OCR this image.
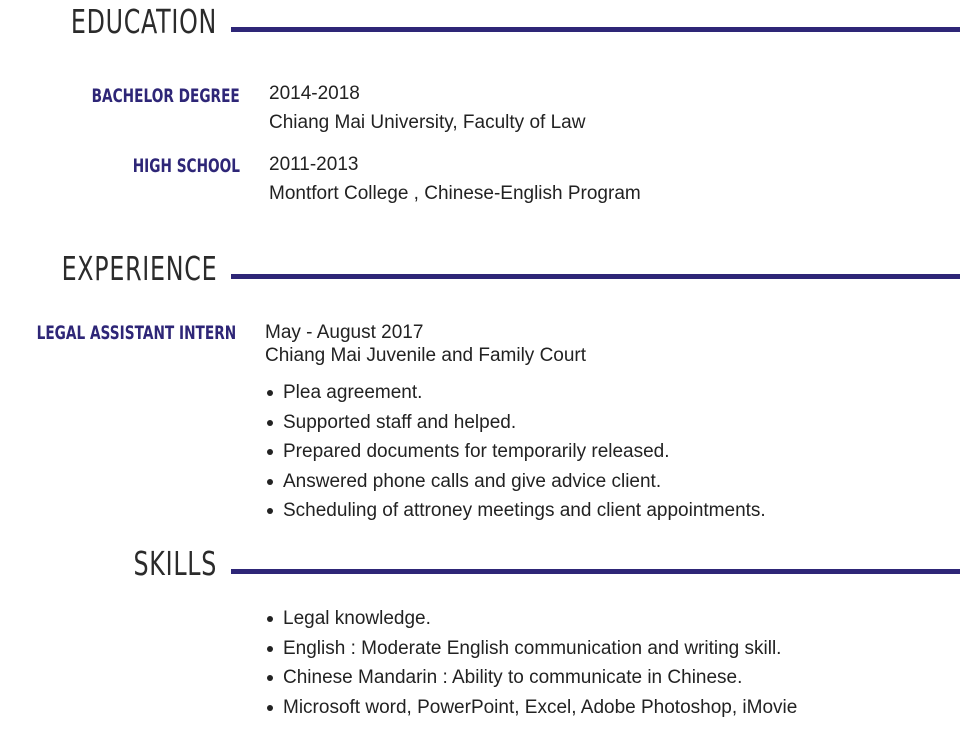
EDUCATION
BACHELOR DEGREE 2014-2018
Chiang Mai University, Faculty of Law
HIGH SCHOOL 2011-2013
Montfort College , Chinese-English Program
EXPERIENCE
LEGAL ASSISTANT INTERN May - August 2017
Chiang Mai Juvenile and Family Court
Plea agreement.
Supported staff and helped.
Prepared documents for temporarily released.
Answered phone calls and give advice client.
Scheduling of attroney meetings and client appointments.
SKILLS
Legal knowledge.
English : Moderate English communication and writing skill.
Chinese Mandarin : Ability to communicate in Chinese.
Microsoft word, PowerPoint, Excel, Adobe Photoshop, iMovie
